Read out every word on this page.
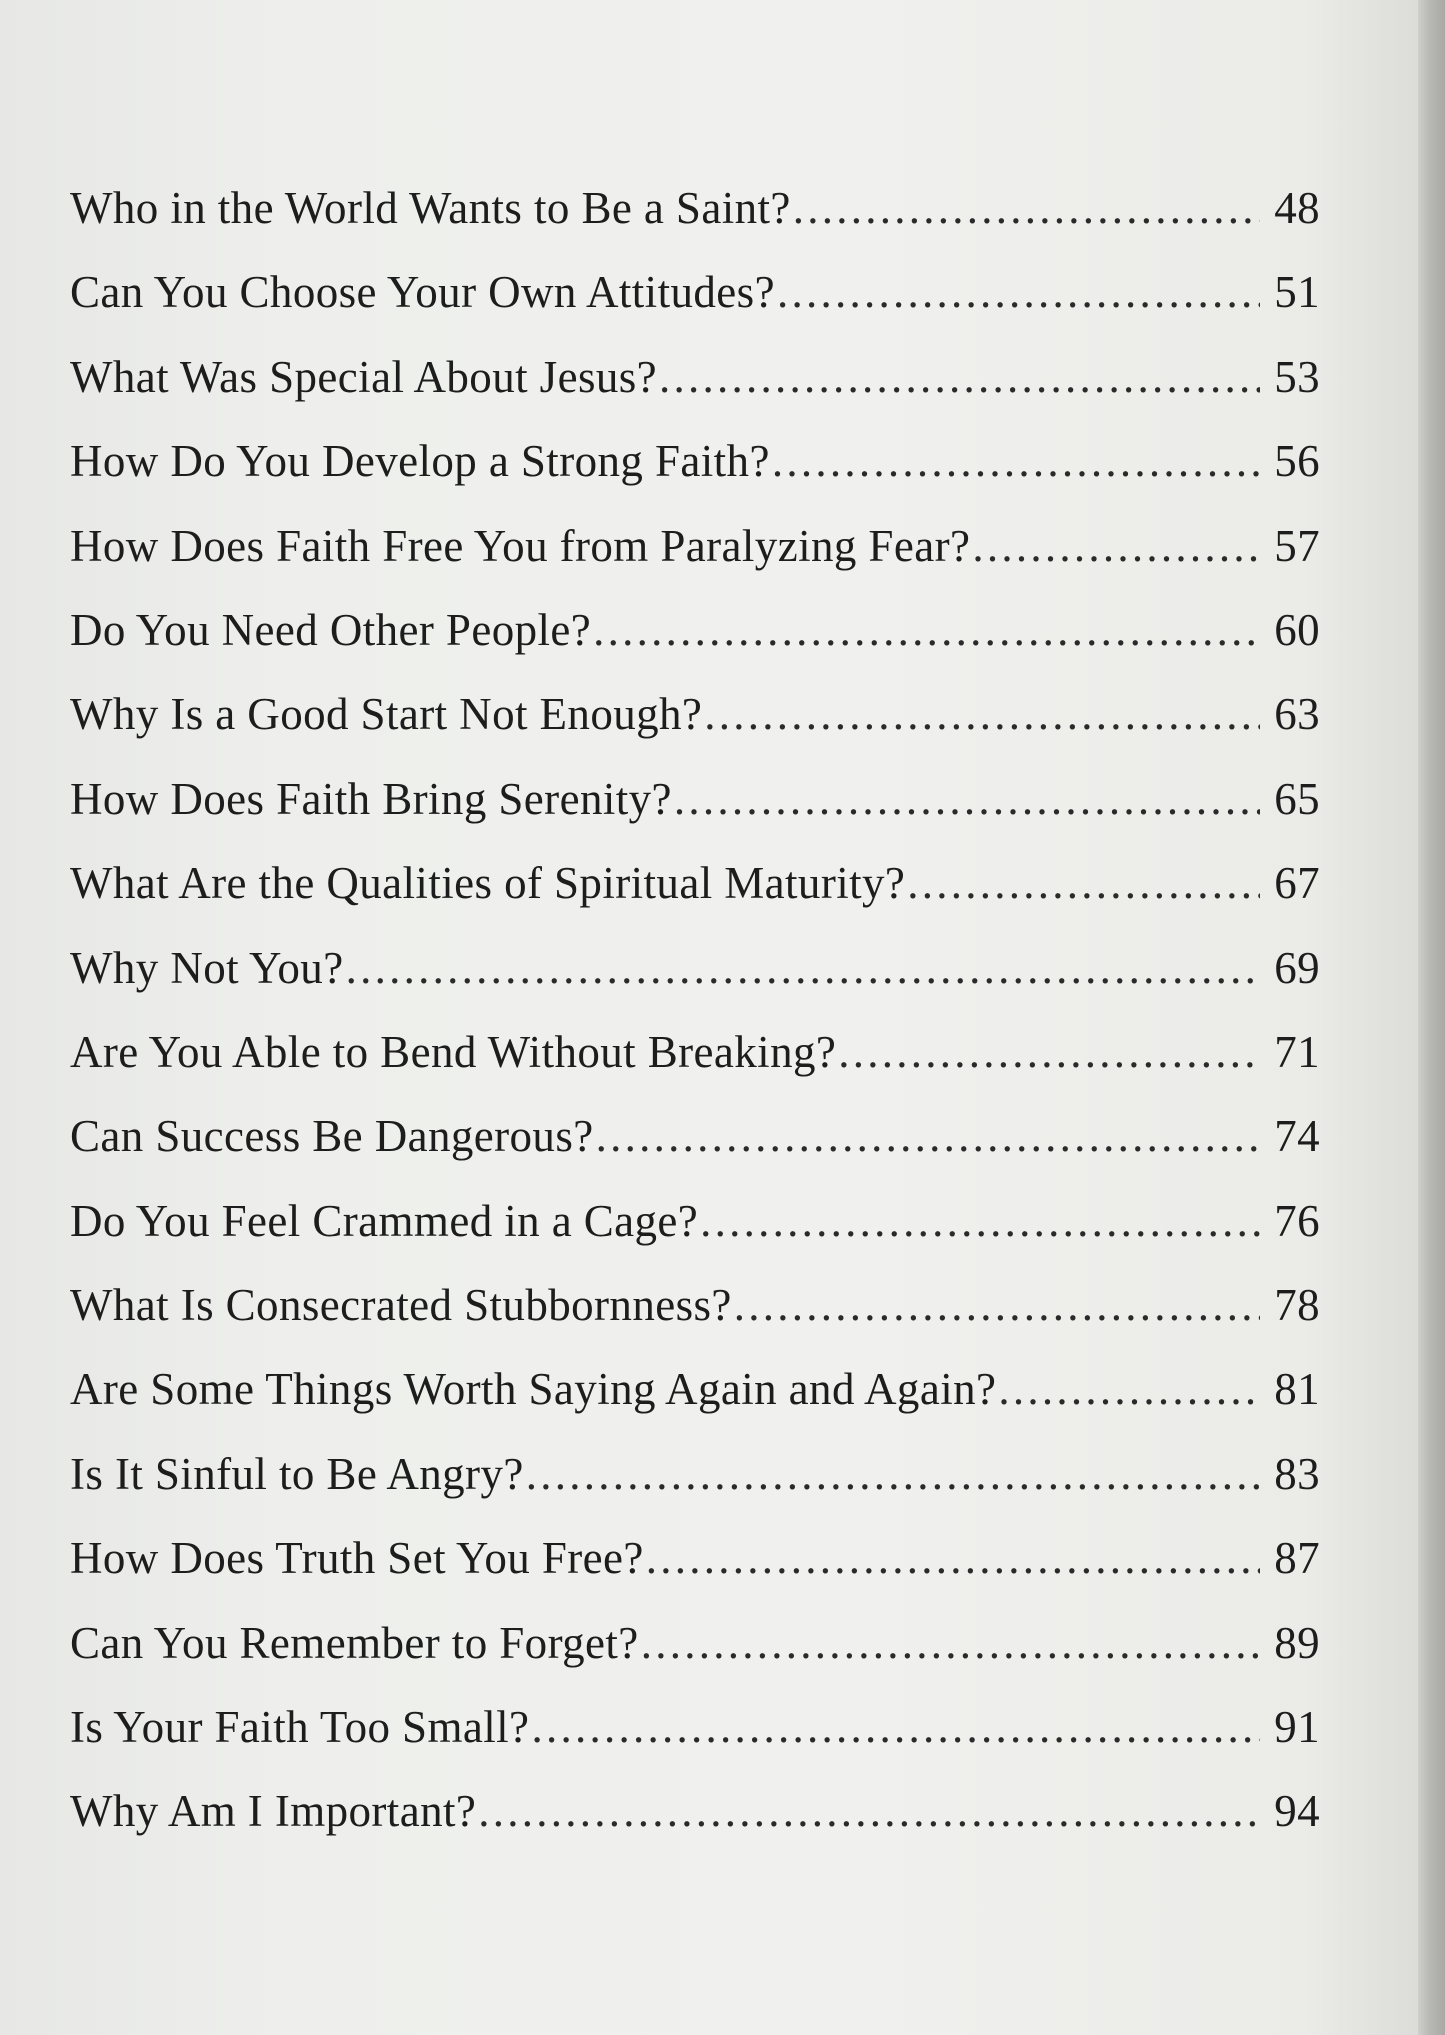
Who in the World Wants to Be a Saint? . . .	48
Can You Choose Your Own Attitudes? . . .	51
What Was Special About Jesus? . . .	53
How Do You Develop a Strong Faith? . . .	56
How Does Faith Free You from Paralyzing Fear? . . .	57
Do You Need Other People? . . .	60
Why Is a Good Start Not Enough? . . .	63
How Does Faith Bring Serenity? . . .	65
What Are the Qualities of Spiritual Maturity? . . .	67
Why Not You? . . .	69
Are You Able to Bend Without Breaking? . . .	71
Can Success Be Dangerous? . . .	74
Do You Feel Crammed in a Cage? . . .	76
What Is Consecrated Stubbornness? . . .	78
Are Some Things Worth Saying Again and Again? . . .	81
Is It Sinful to Be Angry? . . .	83
How Does Truth Set You Free? . . .	87
Can You Remember to Forget? . . .	89
Is Your Faith Too Small? . . .	91
Why Am I Important? . . .	94
